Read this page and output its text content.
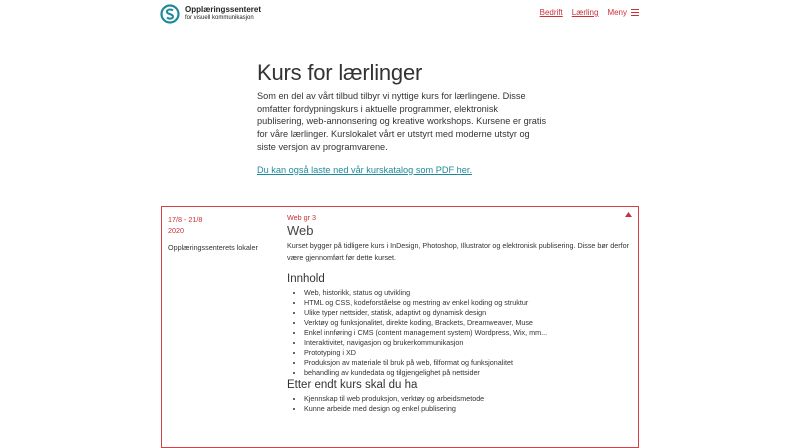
Opplæringssenteret
for visuell kommunikasjon
Bedrift Lærling Meny
Kurs for lærlinger

Som en del av vårt tilbud tilbyr vi nyttige kurs for lærlingene. Disse omfatter fordypningskurs i aktuelle programmer, elektronisk publisering, web-annonsering og kreative workshops. Kursene er gratis for våre lærlinger. Kurslokalet vårt er utstyrt med moderne utstyr og siste versjon av programvarene.

Du kan også laste ned vår kurskatalog som PDF her.
17/8 - 21/8
2020
Opplæringssenterets lokaler
Web gr 3
Web

Kurset bygger på tidligere kurs i InDesign, Photoshop, Illustrator og elektronisk publisering. Disse bør derfor være gjennomført før dette kurset.

Innhold
• Web, historikk, status og utvikling
• HTML og CSS, kodeforståelse og mestring av enkel koding og struktur
• Ulike typer nettsider, statisk, adaptivt og dynamisk design
• Verktøy og funksjonalitet, direkte koding, Brackets, Dreamweaver, Muse
• Enkel innføring i CMS (content management system) Wordpress, Wix, mm...
• Interaktivitet, navigasjon og brukerkommunikasjon
• Prototyping i XD
• Produksjon av materiale til bruk på web, filformat og funksjonalitet
• behandling av kundedata og tilgjengelighet på nettsider
Etter endt kurs skal du ha
• Kjennskap til web produksjon, verktøy og arbeidsmetode
• Kunne arbeide med design og enkel publisering
